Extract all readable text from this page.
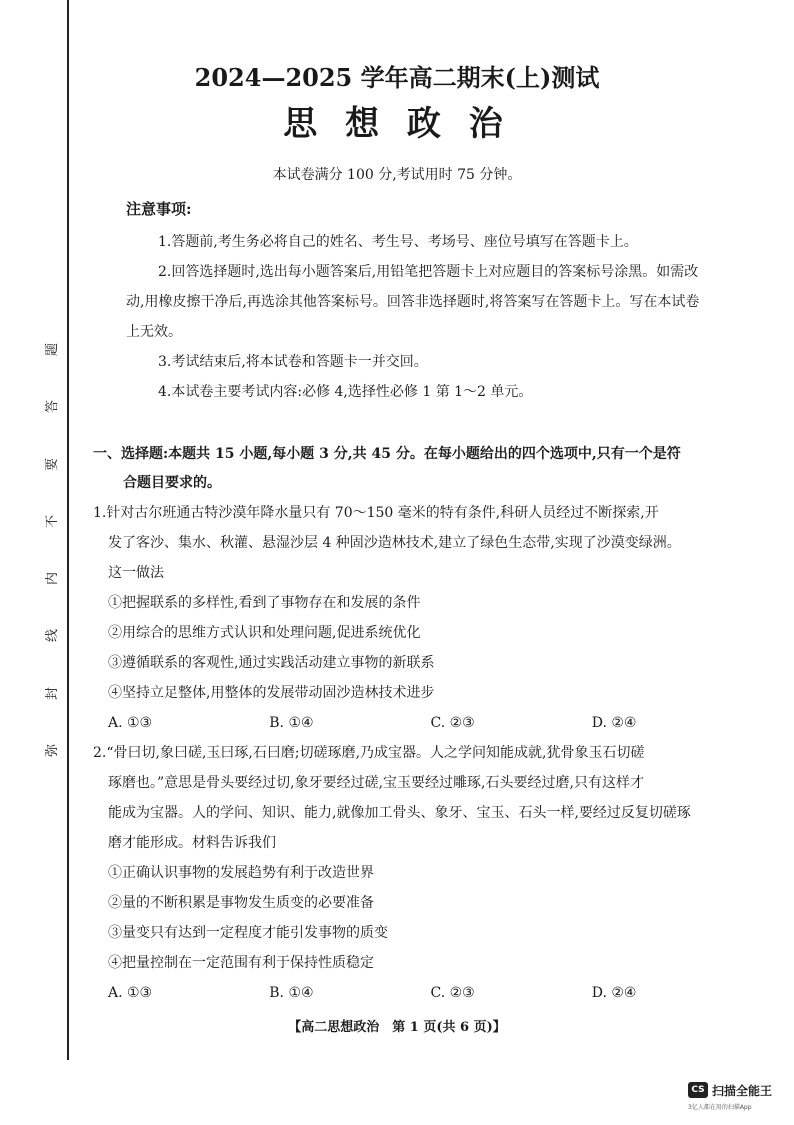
题
答
要
不
内
线
封
弥
2024—2025 学年高二期末(上)测试
思 想 政 治
本试卷满分 100 分,考试用时 75 分钟。
注意事项:
1.答题前,考生务必将自己的姓名、考生号、考场号、座位号填写在答题卡上。
2.回答选择题时,选出每小题答案后,用铅笔把答题卡上对应题目的答案标号涂黑。如需改动,用橡皮擦干净后,再选涂其他答案标号。回答非选择题时,将答案写在答题卡上。写在本试卷上无效。
3.考试结束后,将本试卷和答题卡一并交回。
4.本试卷主要考试内容:必修 4,选择性必修 1 第 1～2 单元。
一、选择题:本题共 15 小题,每小题 3 分,共 45 分。在每小题给出的四个选项中,只有一个是符
合题目要求的。

1.针对古尔班通古特沙漠年降水量只有 70～150 毫米的特有条件,科研人员经过不断探索,开

发了客沙、集水、秋灌、悬湿沙层 4 种固沙造林技术,建立了绿色生态带,实现了沙漠变绿洲。

这一做法

①把握联系的多样性,看到了事物存在和发展的条件

②用综合的思维方式认识和处理问题,促进系统优化

③遵循联系的客观性,通过实践活动建立事物的新联系

④坚持立足整体,用整体的发展带动固沙造林技术进步

A. ①③	B. ①④	C. ②③	D. ②④

2.“骨曰切,象曰磋,玉曰琢,石曰磨;切磋琢磨,乃成宝器。人之学问知能成就,犹骨象玉石切磋

琢磨也。”意思是骨头要经过切,象牙要经过磋,宝玉要经过雕琢,石头要经过磨,只有这样才

能成为宝器。人的学问、知识、能力,就像加工骨头、象牙、宝玉、石头一样,要经过反复切磋琢

磨才能形成。材料告诉我们

①正确认识事物的发展趋势有利于改造世界

②量的不断积累是事物发生质变的必要准备

③量变只有达到一定程度才能引发事物的质变

④把量控制在一定范围有利于保持性质稳定

A. ①③	B. ①④	C. ②③	D. ②④
【高二思想政治　第 1 页(共 6 页)】
CS 扫描全能王
3亿人都在用的扫描App
